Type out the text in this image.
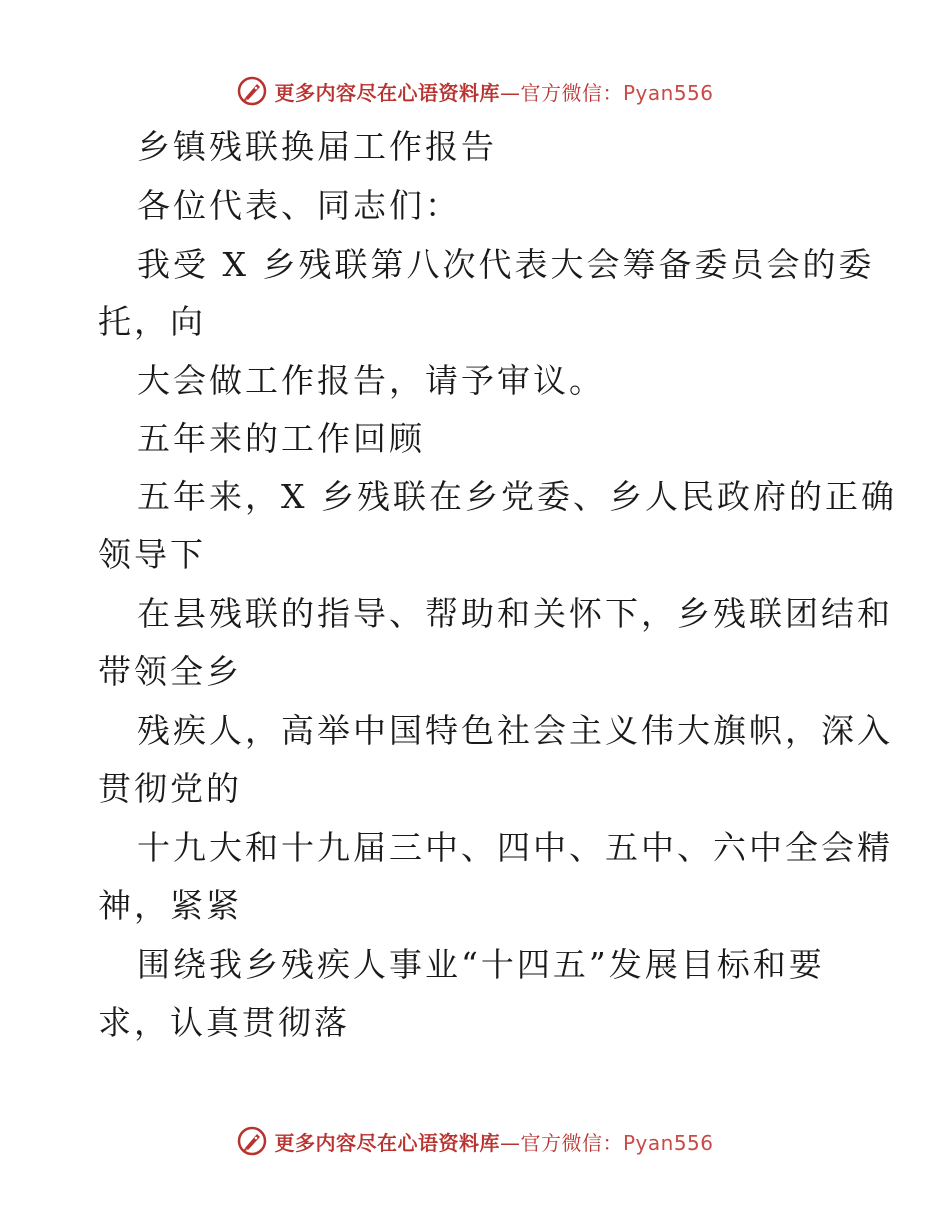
更多内容尽在心语资料库—官方微信：Pyan556
乡镇残联换届工作报告
各位代表、同志们：
我受 X 乡残联第八次代表大会筹备委员会的委
托，向
大会做工作报告，请予审议。
五年来的工作回顾
五年来，X 乡残联在乡党委、乡人民政府的正确
领导下
在县残联的指导、帮助和关怀下，乡残联团结和
带领全乡
残疾人，高举中国特色社会主义伟大旗帜，深入
贯彻党的
十九大和十九届三中、四中、五中、六中全会精
神，紧紧
围绕我乡残疾人事业“十四五”发展目标和要
求，认真贯彻落
更多内容尽在心语资料库—官方微信：Pyan556
